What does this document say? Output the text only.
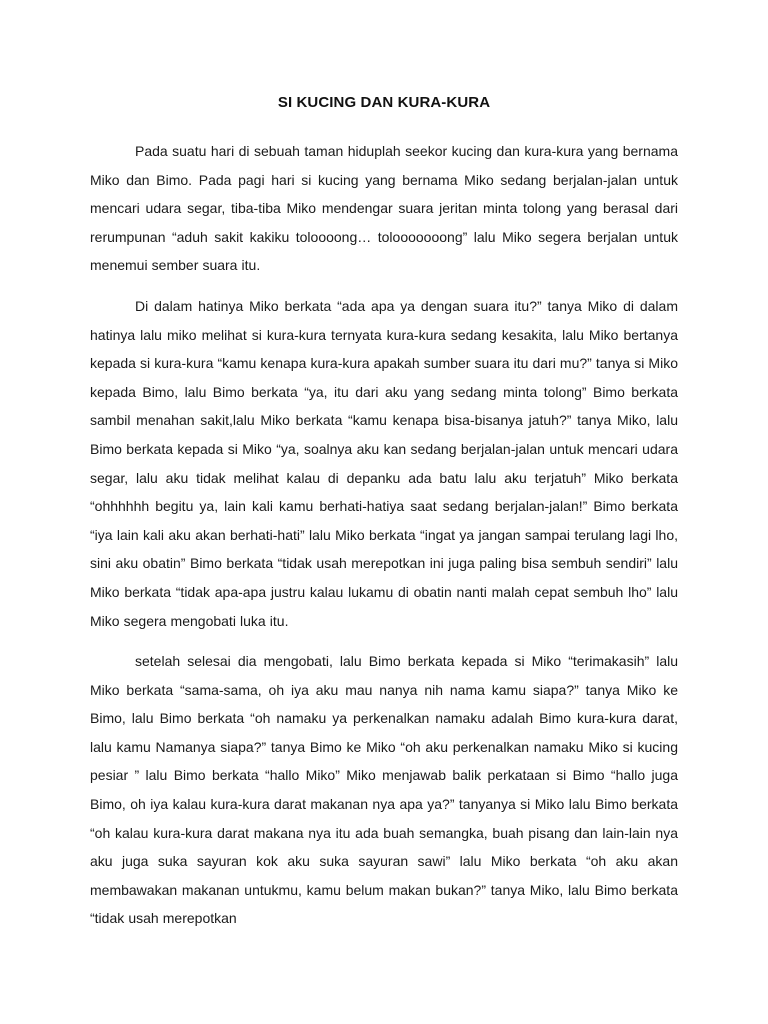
SI KUCING DAN KURA-KURA

Pada suatu hari di sebuah taman hiduplah seekor kucing dan kura-kura yang bernama Miko dan Bimo. Pada pagi hari si kucing yang bernama Miko sedang berjalan-jalan untuk mencari udara segar, tiba-tiba Miko mendengar suara jeritan minta tolong yang berasal dari rerumpunan “aduh sakit kakiku toloooong… tolooooooong” lalu Miko segera berjalan untuk menemui sember suara itu.

Di dalam hatinya Miko berkata “ada apa ya dengan suara itu?” tanya Miko di dalam hatinya lalu miko melihat si kura-kura ternyata kura-kura sedang kesakita, lalu Miko bertanya kepada si kura-kura “kamu kenapa kura-kura apakah sumber suara itu dari mu?” tanya si Miko kepada Bimo, lalu Bimo berkata “ya, itu dari aku yang sedang minta tolong” Bimo berkata sambil menahan sakit,lalu Miko berkata “kamu kenapa bisa-bisanya jatuh?” tanya Miko, lalu Bimo berkata kepada si Miko “ya, soalnya aku kan sedang berjalan-jalan untuk mencari udara segar, lalu aku tidak melihat kalau di depanku ada batu lalu aku terjatuh” Miko berkata “ohhhhhh begitu ya, lain kali kamu berhati-hatiya saat sedang berjalan-jalan!” Bimo berkata “iya lain kali aku akan berhati-hati” lalu Miko berkata “ingat ya jangan sampai terulang lagi lho, sini aku obatin” Bimo berkata “tidak usah merepotkan ini juga paling bisa sembuh sendiri” lalu Miko berkata “tidak apa-apa justru kalau lukamu di obatin nanti malah cepat sembuh lho” lalu Miko segera mengobati luka itu.

setelah selesai dia mengobati, lalu Bimo berkata kepada si Miko “terimakasih” lalu Miko berkata “sama-sama, oh iya aku mau nanya nih nama kamu siapa?” tanya Miko ke Bimo, lalu Bimo berkata “oh namaku ya perkenalkan namaku adalah Bimo kura-kura darat, lalu kamu Namanya siapa?” tanya Bimo ke Miko “oh aku perkenalkan namaku Miko si kucing pesiar ” lalu Bimo berkata “hallo Miko” Miko menjawab balik perkataan si Bimo “hallo juga Bimo, oh iya kalau kura-kura darat makanan nya apa ya?” tanyanya si Miko lalu Bimo berkata “oh kalau kura-kura darat makana nya itu ada buah semangka, buah pisang dan lain-lain nya aku juga suka sayuran kok aku suka sayuran sawi” lalu Miko berkata “oh aku akan membawakan makanan untukmu, kamu belum makan bukan?” tanya Miko, lalu Bimo berkata “tidak usah merepotkan
